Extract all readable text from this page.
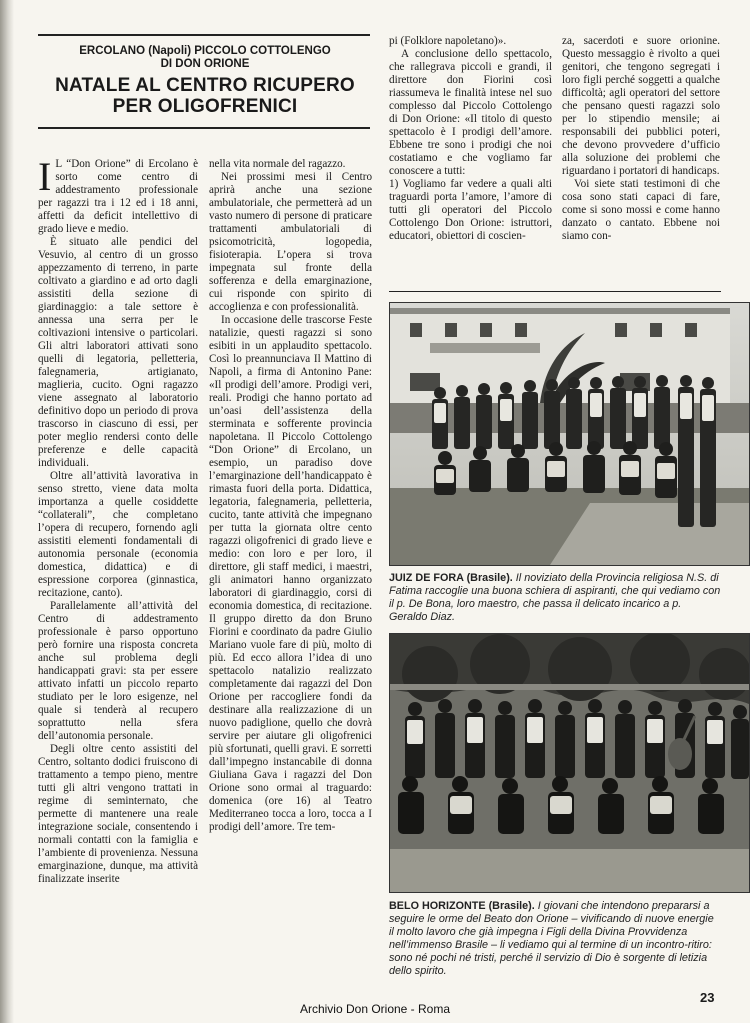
ERCOLANO (Napoli) PICCOLO COTTOLENGO
DI DON ORIONE
NATALE AL CENTRO RICUPERO
PER OLIGOFRENICI

I L “Don Orione” di Ercolano è sorto come centro di addestramento professionale per ragazzi tra i 12 ed i 18 anni, affetti da deficit intellettivo di grado lieve e medio.

È situato alle pendici del Vesuvio, al centro di un grosso appezzamento di terreno, in parte coltivato a giardino e ad orto dagli assistiti della sezione di giardinaggio: a tale settore è annessa una serra per le coltivazioni intensive o particolari. Gli altri laboratori attivati sono quelli di legatoria, pelletteria, falegnameria, artigianato, maglieria, cucito. Ogni ragazzo viene assegnato al laboratorio definitivo dopo un periodo di prova trascorso in ciascuno di essi, per poter meglio rendersi conto delle preferenze e delle capacità individuali.

Oltre all’attività lavorativa in senso stretto, viene data molta importanza a quelle cosiddette “collaterali”, che completano l’opera di recupero, fornendo agli assistiti elementi fondamentali di autonomia personale (economia domestica, didattica) e di espressione corporea (ginnastica, recitazione, canto).

Parallelamente all’attività del Centro di addestramento professionale è parso opportuno però fornire una risposta concreta anche sul problema degli handicappati gravi: sta per essere attivato infatti un piccolo reparto studiato per le loro esigenze, nel quale si tenderà al recupero soprattutto nella sfera dell’autonomia personale.

Degli oltre cento assistiti del Centro, soltanto dodici fruiscono di trattamento a tempo pieno, mentre tutti gli altri vengono trattati in regime di seminternato, che permette di mantenere una reale integrazione sociale, consentendo i normali contatti con la famiglia e l’ambiente di provenienza. Nessuna emarginazione, dunque, ma attività finalizzate inserite

nella vita normale del ragazzo.

Nei prossimi mesi il Centro aprirà anche una sezione ambulatoriale, che permetterà ad un vasto numero di persone di praticare trattamenti ambulatoriali di psicomotricità, logopedia, fisioterapia. L’opera si trova impegnata sul fronte della sofferenza e della emarginazione, cui risponde con spirito di accoglienza e con professionalità.

In occasione delle trascorse Feste natalizie, questi ragazzi si sono esibiti in un applaudito spettacolo. Così lo preannunciava Il Mattino di Napoli, a firma di Antonino Pane: «Il prodigi dell’amore. Prodigi veri, reali. Prodigi che hanno portato ad un’oasi dell’assistenza della sterminata e sofferente provincia napoletana. Il Piccolo Cottolengo “Don Orione” di Ercolano, un esempio, un paradiso dove l’emarginazione dell’handicappato è rimasta fuori della porta. Didattica, legatoria, falegnameria, pelletteria, cucito, tante attività che impegnano per tutta la giornata oltre cento ragazzi oligofrenici di grado lieve e medio: con loro e per loro, il direttore, gli staff medici, i maestri, gli animatori hanno organizzato laboratori di giardinaggio, corsi di economia domestica, di recitazione. Il gruppo diretto da don Bruno Fiorini e coordinato da padre Giulio Mariano vuole fare di più, molto di più. Ed ecco allora l’idea di uno spettacolo natalizio realizzato completamente dai ragazzi del Don Orione per raccogliere fondi da destinare alla realizzazione di un nuovo padiglione, quello che dovrà servire per aiutare gli oligofrenici più sfortunati, quelli gravi. E sorretti dall’impegno instancabile di donna Giuliana Gava i ragazzi del Don Orione sono ormai al traguardo: domenica (ore 16) al Teatro Mediterraneo tocca a loro, tocca a I prodigi dell’amore. Tre tem-

pi (Folklore napoletano)».

A conclusione dello spettacolo, che rallegrava piccoli e grandi, il direttore don Fiorini così riassumeva le finalità intese nel suo complesso dal Piccolo Cottolengo di Don Orione: «Il titolo di questo spettacolo è I prodigi dell’amore. Ebbene tre sono i prodigi che noi costatiamo e che vogliamo far conoscere a tutti:

1) Vogliamo far vedere a quali alti traguardi porta l’amore, l’amore di tutti gli operatori del Piccolo Cottolengo Don Orione: istruttori, educatori, obiettori di coscien-

za, sacerdoti e suore orionine. Questo messaggio è rivolto a quei genitori, che tengono segregati i loro figli perché soggetti a qualche difficoltà; agli operatori del settore che pensano questi ragazzi solo per lo stipendio mensile; ai responsabili dei pubblici poteri, che devono provvedere d’ufficio alla soluzione dei problemi che riguardano i portatori di handicaps.

Voi siete stati testimoni di che cosa sono stati capaci di fare, come si sono mossi e come hanno danzato o cantato. Ebbene noi siamo con-

JUIZ DE FORA (Brasile). Il noviziato della Provincia religiosa N.S. di Fatima raccoglie una buona schiera di aspiranti, che qui vediamo con il p. De Bona, loro maestro, che passa il delicato incarico a p. Geraldo Diaz.
BELO HORIZONTE (Brasile). I giovani che intendono prepararsi a seguire le orme del Beato don Orione – vivificando di nuove energie il molto lavoro che già impegna i Figli della Divina Provvidenza nell’immenso Brasile – li vediamo qui al termine di un incontro-ritiro: sono né pochi né tristi, perché il servizio di Dio è sorgente di letizia dello spirito.
23
Archivio Don Orione - Roma
